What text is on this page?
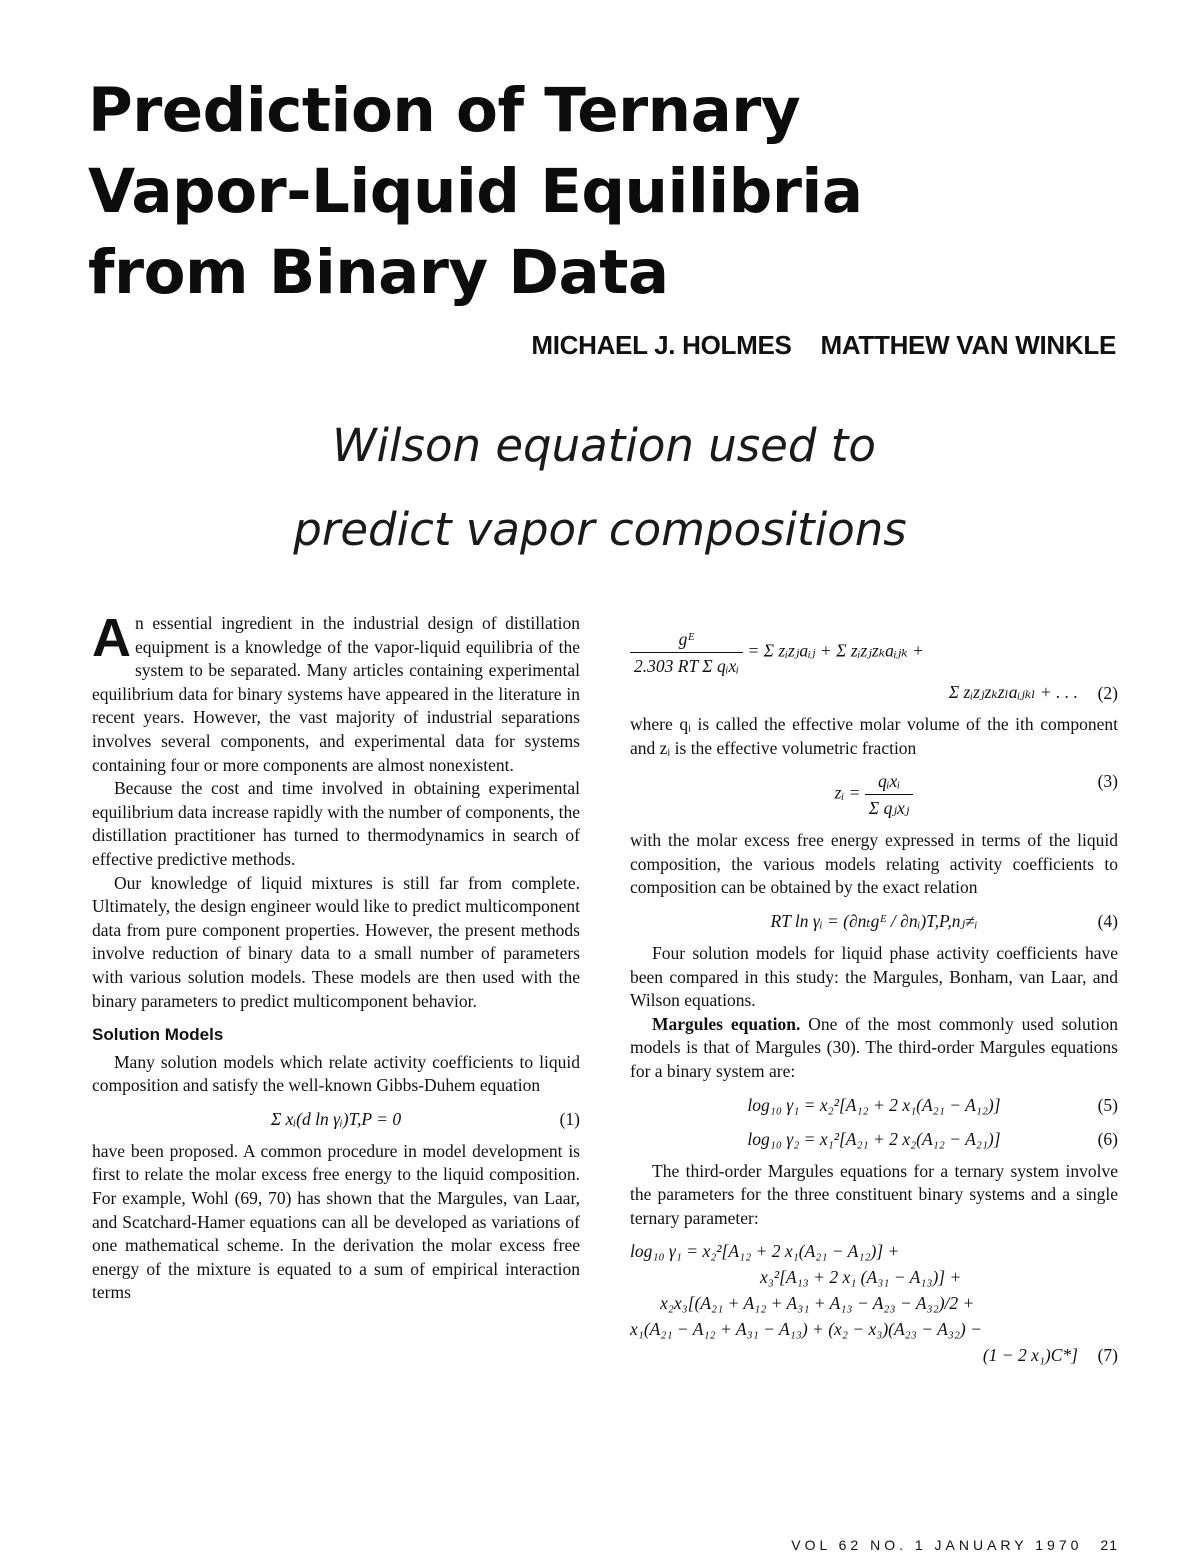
Prediction of Ternary
Vapor-Liquid Equilibria
from Binary Data
MICHAEL J. HOLMES MATTHEW VAN WINKLE
Wilson equation used to
predict vapor compositions

An essential ingredient in the industrial design of distillation equipment is a knowledge of the vapor-liquid equilibria of the system to be separated. Many articles containing experimental equilibrium data for binary systems have appeared in the literature in recent years. However, the vast majority of industrial separations involves several components, and experimental data for systems containing four or more components are almost nonexistent.

Because the cost and time involved in obtaining experimental equilibrium data increase rapidly with the number of components, the distillation practitioner has turned to thermodynamics in search of effective predictive methods.

Our knowledge of liquid mixtures is still far from complete. Ultimately, the design engineer would like to predict multicomponent data from pure component properties. However, the present methods involve reduction of binary data to a small number of parameters with various solution models. These models are then used with the binary parameters to predict multicomponent behavior.

Solution Models

Many solution models which relate activity coefficients to liquid composition and satisfy the well-known Gibbs-Duhem equation

Σ xᵢ(d ln γᵢ)T,P = 0	(1)

have been proposed. A common procedure in model development is first to relate the molar excess free energy to the liquid composition. For example, Wohl (69, 70) has shown that the Margules, van Laar, and Scatchard-Hamer equations can all be developed as variations of one mathematical scheme. In the derivation the molar excess free energy of the mixture is equated to a sum of empirical interaction terms

$\frac{\text{gᴱ}}{\text{2.303 RT Σ qᵢxᵢ}} = \Sigma$ zᵢzⱼaᵢⱼ + Σ zᵢzⱼzₖaᵢⱼₖ +
Σ zᵢzⱼzₖzₗaᵢⱼₖₗ + . . .	(2)

where qᵢ is called the effective molar volume of the ith component and zᵢ is the effective volumetric fraction

zᵢ = $\frac{\text{qᵢxᵢ}}{\text{Σ qⱼxⱼ}}$	(3)

with the molar excess free energy expressed in terms of the liquid composition, the various models relating activity coefficients to composition can be obtained by the exact relation

RT ln γᵢ = (∂nₜgᴱ / ∂nᵢ)T,P,nⱼ≠ᵢ	(4)

Four solution models for liquid phase activity coefficients have been compared in this study: the Margules, Bonham, van Laar, and Wilson equations.

Margules equation. One of the most commonly used solution models is that of Margules (30). The third-order Margules equations for a binary system are:

log₁₀ γ₁ = x₂²[A₁₂ + 2 x₁(A₂₁ − A₁₂)]	(5)
log₁₀ γ₂ = x₁²[A₂₁ + 2 x₂(A₁₂ − A₂₁)]	(6)

The third-order Margules equations for a ternary system involve the parameters for the three constituent binary systems and a single ternary parameter:

log₁₀ γ₁ = x₂²[A₁₂ + 2 x₁(A₂₁ − A₁₂)] +
x₃²[A₁₃ + 2 x₁ (A₃₁ − A₁₃)] +
x₂x₃[(A₂₁ + A₁₂ + A₃₁ + A₁₃ − A₂₃ − A₃₂)/2 +
x₁(A₂₁ − A₁₂ + A₃₁ − A₁₃) + (x₂ − x₃)(A₂₃ − A₃₂) −
(1 − 2 x₁)C*]	(7)
VOL 62 NO. 1 JANUARY 1970 21
